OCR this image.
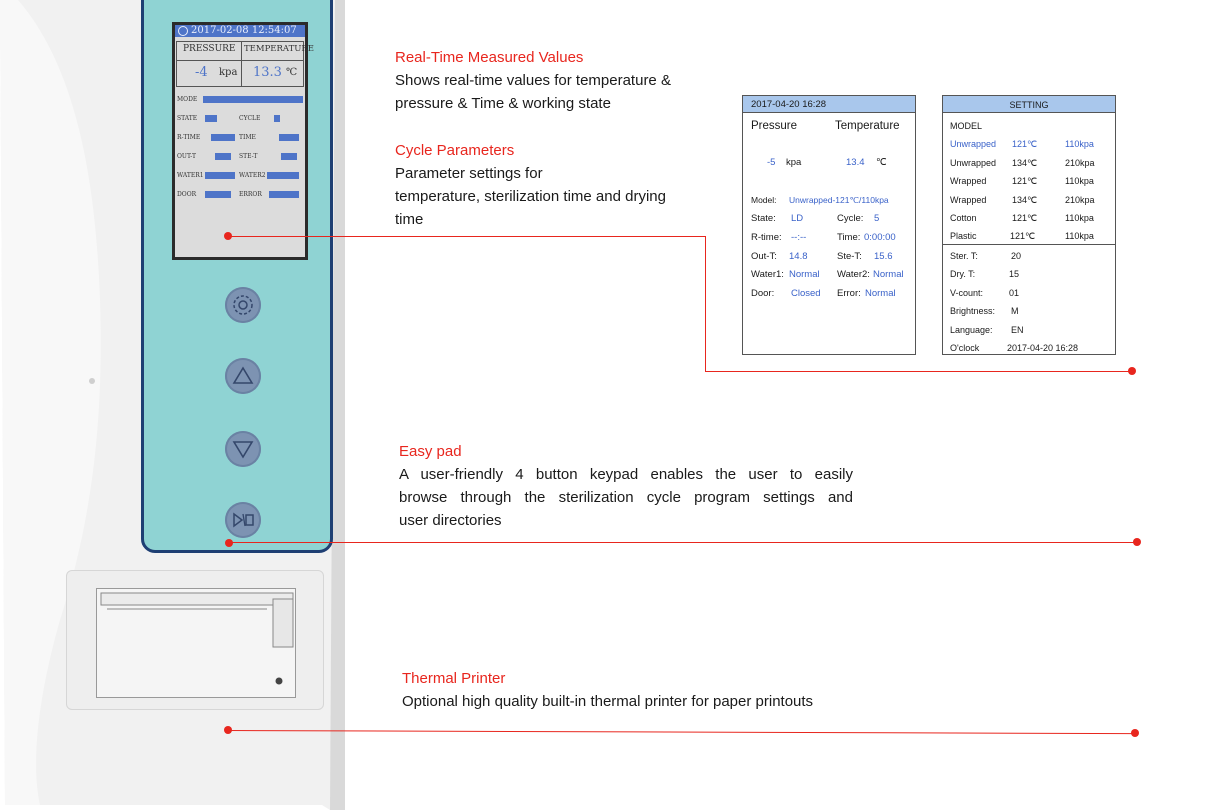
2017-02-08 12:54:07
PRESSURE TEMPERATURE
-4 kpa 13.3 ℃
MODE
STATE	CYCLE
R-TIME	TIME
OUT-T	STE-T
WATER1	WATER2
DOOR	ERROR
Real-Time Measured Values
Shows real-time values for temperature &
pressure & Time & working state
Cycle Parameters
Parameter settings for
temperature, sterilization time and drying
time
Easy pad
A user-friendly 4 button keypad enables the user to easily
browse through the sterilization cycle program settings and
user directories
Thermal Printer
Optional high quality built-in thermal printer for paper printouts
2017-04-20 16:28
Pressure	Temperature
-5 kpa	13.4 ℃
Model: Unwrapped-121℃/110kpa
State: LD	Cycle: 5
R-time: --:--	Time: 0:00:00
Out-T: 14.8	Ste-T: 15.6
Water1: Normal Water2: Normal
Door: Closed Error: Normal
SETTING
MODEL
Unwrapped 121℃	110kpa
Unwrapped 134℃	210kpa
Wrapped	121℃	110kpa
Wrapped	134℃	210kpa
Cotton	121℃	110kpa
Plastic	121℃	110kpa
Ster. T:	20
Dry. T:	15
V-count:	01
Brightness: M
Language: EN
O'clock	2017-04-20 16:28
